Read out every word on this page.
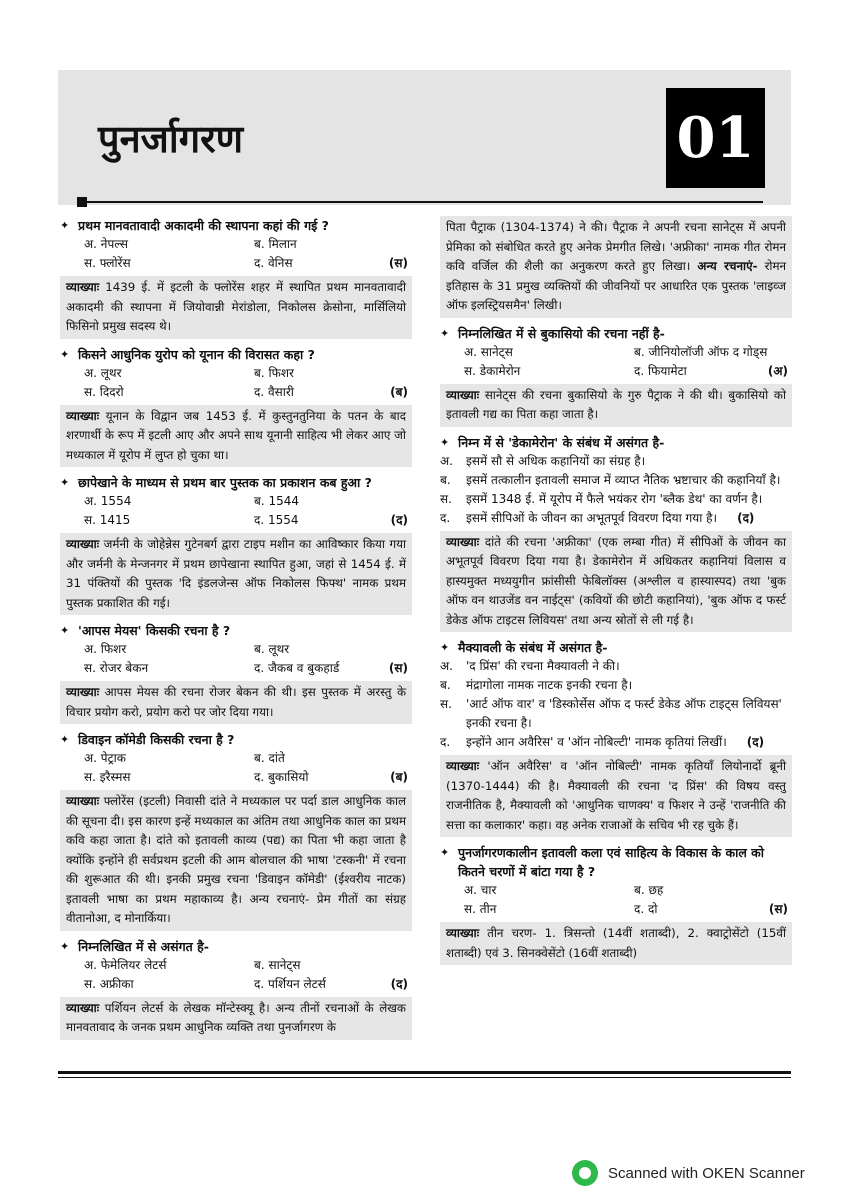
पुनर्जागरण	01
✦ प्रथम मानवतावादी अकादमी की स्थापना कहां की गई ?
अ. नेपल्स	ब. मिलान
स. फ्लोरेंस	द. वेनिस	(स)
व्याख्याः 1439 ई. में इटली के फ्लोरेंस शहर में स्थापित प्रथम मानवतावादी अकादमी की स्थापना में जियोवान्नी मेरांडोला, निकोलस क्रेसोना, मार्सिलियो फिसिनो प्रमुख सदस्य थे।
✦ किसने आधुनिक युरोप को यूनान की विरासत कहा ?
अ. लूथर	ब. फिशर
स. दिदरो	द. वैसारी	(ब)
व्याख्याः यूनान के विद्वान जब 1453 ई. में कुस्तुनतुनिया के पतन के बाद शरणार्थी के रूप में इटली आए और अपने साथ यूनानी साहित्य भी लेकर आए जो मध्यकाल में यूरोप में लुप्त हो चुका था।
✦ छापेखाने के माध्यम से प्रथम बार पुस्तक का प्रकाशन कब हुआ ?
अ. 1554	ब. 1544
स. 1415	द. 1554	(द)
व्याख्याः जर्मनी के जोहेन्नेस गुटेनबर्ग द्वारा टाइप मशीन का आविष्कार किया गया और जर्मनी के मेन्जनगर में प्रथम छापेखाना स्थापित हुआ, जहां से 1454 ई. में 31 पंक्तियों की पुस्तक 'दि इंडलजेन्स ऑफ निकोलस फिफ्थ' नामक प्रथम पुस्तक प्रकाशित की गई।
✦ 'आपस मेयस' किसकी रचना है ?
अ. फिशर	ब. लूथर
स. रोजर बेकन	द. जैकब व बुकहार्ड	(स)
व्याख्याः आपस मेयस की रचना रोजर बेकन की थी। इस पुस्तक में अरस्तु के विचार प्रयोग करो, प्रयोग करो पर जोर दिया गया।
✦ डिवाइन कॉमेडी किसकी रचना है ?
अ. पेट्राक	ब. दांते
स. इरैस्मस	द. बुकासियो	(ब)
व्याख्याः फ्लोरेंस (इटली) निवासी दांते ने मध्यकाल पर पर्दा डाल आधुनिक काल की सूचना दी। इस कारण इन्हें मध्यकाल का अंतिम तथा आधुनिक काल का प्रथम कवि कहा जाता है। दांते को इतावली काव्य (पद्य) का पिता भी कहा जाता है क्योंकि इन्होंने ही सर्वप्रथम इटली की आम बोलचाल की भाषा 'टस्कनी' में रचना की शुरूआत की थी। इनकी प्रमुख रचना 'डिवाइन कॉमेडी' (ईश्वरीय नाटक) इतावली भाषा का प्रथम महाकाव्य है। अन्य रचनाएं- प्रेम गीतों का संग्रह वीतानोआ, द मोनार्किया।
✦ निम्नलिखित में से असंगत है-
अ. फेमेलियर लेटर्स	ब. सानेट्स
स. अफ्रीका	द. पर्शियन लेटर्स	(द)
व्याख्याः पर्शियन लेटर्स के लेखक मॉन्टेस्क्यू है। अन्य तीनों रचनाओं के लेखक मानवतावाद के जनक प्रथम आधुनिक व्यक्ति तथा पुनर्जागरण के
पिता पैट्राक (1304-1374) ने की। पैट्राक ने अपनी रचना सानेट्स में अपनी प्रेमिका को संबोधित करते हुए अनेक प्रेमगीत लिखे। 'अफ्रीका' नामक गीत रोमन कवि वर्जिल की शैली का अनुकरण करते हुए लिखा। अन्य रचनाएं- रोमन इतिहास के 31 प्रमुख व्यक्तियों की जीवनियों पर आधारित एक पुस्तक 'लाइव्ज ऑफ इलस्ट्रियसमैन' लिखी।
✦ निम्नलिखित में से बुकासियो की रचना नहीं है-
अ. सानेट्स	ब. जीनियोलॉजी ऑफ द गोड्स
स. डेकामेरोन	द. फियामेटा	(अ)
व्याख्याः सानेट्स की रचना बुकासियो के गुरु पैट्राक ने की थी। बुकासियो को इतावली गद्य का पिता कहा जाता है।
✦ निम्न में से 'डेकामेरोन' के संबंध में असंगत है-
अ.	इसमें सौ से अधिक कहानियों का संग्रह है।
ब.	इसमें तत्कालीन इतावली समाज में व्याप्त नैतिक भ्रष्टाचार की कहानियाँ है।
स.	इसमें 1348 ई. में यूरोप में फैले भयंकर रोग 'ब्लैक डेथ' का वर्णन है।
द.	इसमें सीपिओं के जीवन का अभूतपूर्व विवरण दिया गया है। (द)
व्याख्याः दांते की रचना 'अफ्रीका' (एक लम्बा गीत) में सीपिओं के जीवन का अभूतपूर्व विवरण दिया गया है। डेकामेरोन में अधिकतर कहानियां विलास व हास्यमुक्त मध्ययुगीन फ्रांसीसी फेबिलॉक्स (अश्लील व हास्यास्पद) तथा 'बुक ऑफ वन थाउजेंड वन नाईट्स' (कवियों की छोटी कहानियां), 'बुक ऑफ द फर्स्ट डेकेड ऑफ टाइटस लिवियस' तथा अन्य स्रोतों से ली गई है।
✦ मैक्यावली के संबंध में असंगत है-
अ.	'द प्रिंस' की रचना मैक्यावली ने की।
ब.	मंद्रागोला नामक नाटक इनकी रचना है।
स.	'आर्ट ऑफ वार' व 'डिस्कोर्सेस ऑफ द फर्स्ट डेकेड ऑफ टाइट्स लिवियस' इनकी रचना है।
द.	इन्होंने आन अवैरिस' व 'ऑन नोबिल्टी' नामक कृतियां लिखीं। (द)
व्याख्याः 'ऑन अवैरिस' व 'ऑन नोबिल्टी' नामक कृतियाँ लियोनार्दो ब्रूनी (1370-1444) की है। मैक्यावली की रचना 'द प्रिंस' की विषय वस्तु राजनीतिक है, मैक्यावली को 'आधुनिक चाणक्य' व फिशर ने उन्हें 'राजनीति की सत्ता का कलाकार' कहा। वह अनेक राजाओं के सचिव भी रह चुके हैं।
✦ पुनर्जागरणकालीन इतावली कला एवं साहित्य के विकास के काल को कितने चरणों में बांटा गया है ?
अ. चार	ब. छह
स. तीन	द. दो	(स)
व्याख्याः तीन चरण- 1. त्रिसन्तो (14वीं शताब्दी), 2. क्वाट्रोसेंटो (15वीं शताब्दी) एवं 3. सिनक्वेसेंटो (16वीं शताब्दी)
Scanned with OKEN Scanner
